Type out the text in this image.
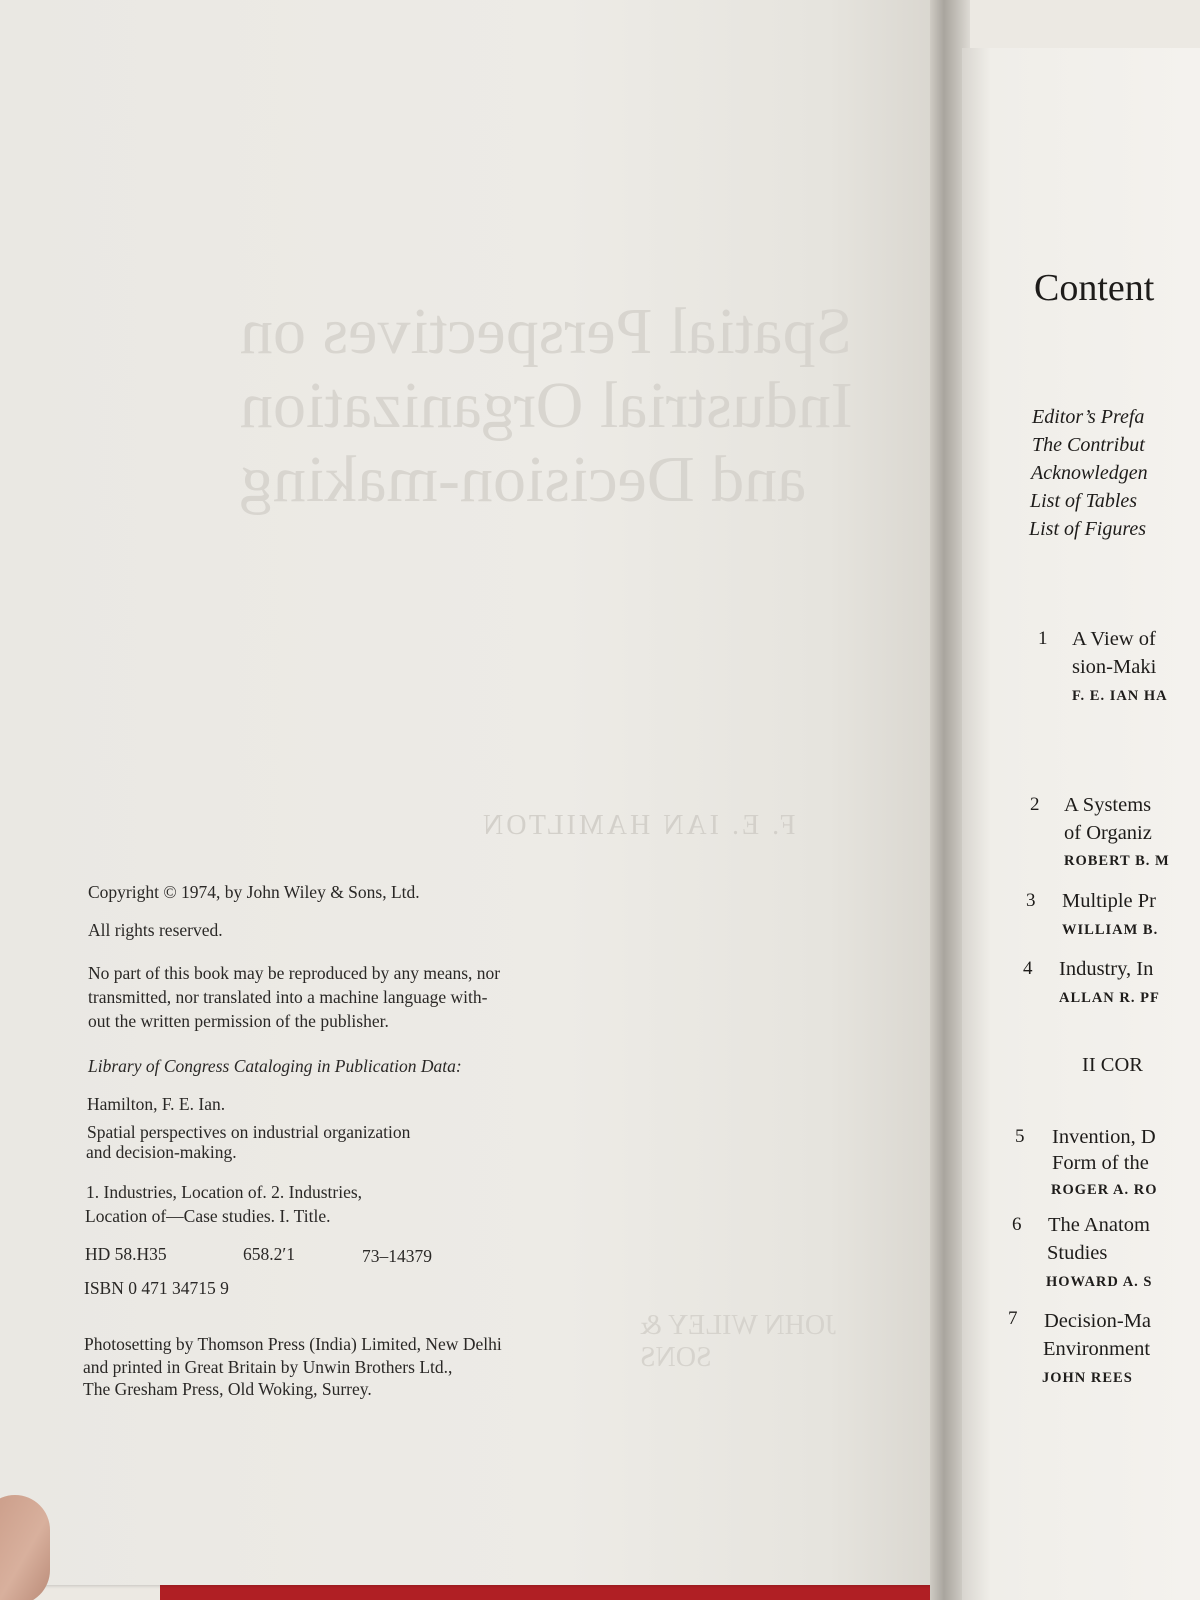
Spatial Perspectives on
Industrial Organization
and Decision-making
F. E. IAN HAMILTON
JOHN WILEY & SONS
Copyright © 1974, by John Wiley & Sons, Ltd.
All rights reserved.
No part of this book may be reproduced by any means, nor
transmitted, nor translated into a machine language with-
out the written permission of the publisher.
Library of Congress Cataloging in Publication Data:
Hamilton, F. E. Ian.
Spatial perspectives on industrial organization
and decision-making.
1. Industries, Location of. 2. Industries,
Location of—Case studies. I. Title.
HD 58.H35	658.2′1	73–14379
ISBN 0 471 34715 9
Photosetting by Thomson Press (India) Limited, New Delhi
and printed in Great Britain by Unwin Brothers Ltd.,
The Gresham Press, Old Woking, Surrey.
Content
Editor’s Prefa
The Contribut
Acknowledgen
List of Tables
List of Figures
1 A View of
sion-Maki
F. E. IAN HA
2 A Systems
of Organiz
ROBERT B. M
3 Multiple Pr
WILLIAM B.
4 Industry, In
ALLAN R. PF
II COR
5 Invention, D
Form of the
ROGER A. RO
6 The Anatom
Studies
HOWARD A. S
7 Decision-Ma
Environment
JOHN REES
